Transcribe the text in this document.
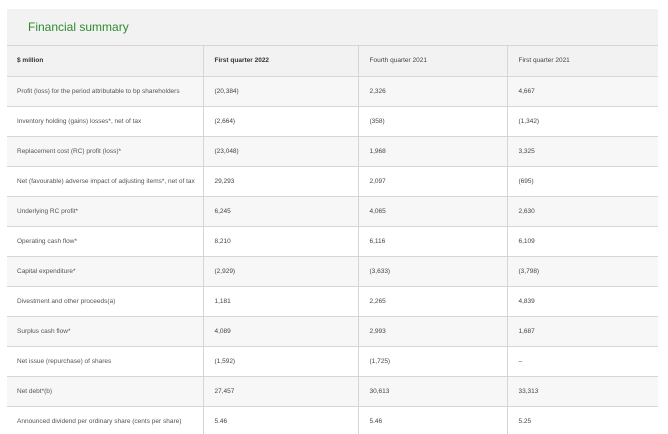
Financial summary
$ million	First quarter 2022	Fourth quarter 2021	First quarter 2021
Profit (loss) for the period attributable to bp shareholders	(20,384)	2,326	4,667
Inventory holding (gains) losses*, net of tax	(2,664)	(358)	(1,342)
Replacement cost (RC) profit (loss)*	(23,048)	1,968	3,325
Net (favourable) adverse impact of adjusting items*, net of tax	29,293	2,097	(695)
Underlying RC profit*	6,245	4,065	2,630
Operating cash flow*	8,210	6,116	6,109
Capital expenditure*	(2,929)	(3,633)	(3,798)
Divestment and other proceeds(a)	1,181	2,265	4,839
Surplus cash flow*	4,089	2,993	1,687
Net issue (repurchase) of shares	(1,592)	(1,725)	–
Net debt*(b)	27,457	30,613	33,313
Announced dividend per ordinary share (cents per share)	5.46	5.46	5.25
